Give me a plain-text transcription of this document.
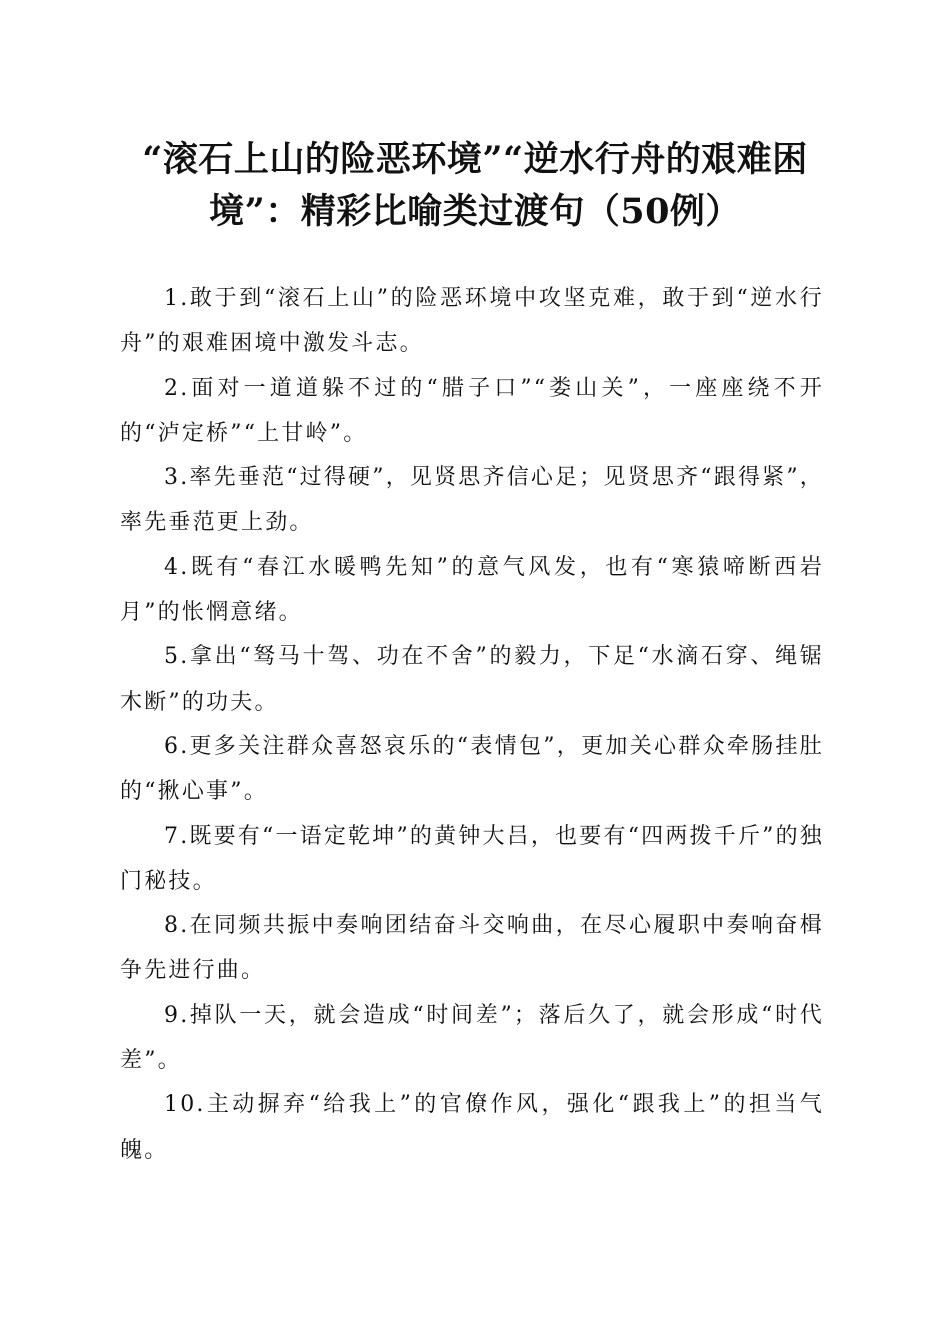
“滚石上山的险恶环境”“逆水行舟的艰难困
境”：精彩比喻类过渡句（50例）

1.敢于到“滚石上山”的险恶环境中攻坚克难，敢于到“逆水行舟”的艰难困境中激发斗志。

2.面对一道道躲不过的“腊子口”“娄山关”，一座座绕不开的“泸定桥”“上甘岭”。

3.率先垂范“过得硬”，见贤思齐信心足；见贤思齐“跟得紧”，率先垂范更上劲。

4.既有“春江水暖鸭先知”的意气风发，也有“寒猿啼断西岩月”的怅惘意绪。

5.拿出“驽马十驾、功在不舍”的毅力，下足“水滴石穿、绳锯木断”的功夫。

6.更多关注群众喜怒哀乐的“表情包”，更加关心群众牵肠挂肚的“揪心事”。

7.既要有“一语定乾坤”的黄钟大吕，也要有“四两拨千斤”的独门秘技。

8.在同频共振中奏响团结奋斗交响曲，在尽心履职中奏响奋楫争先进行曲。

9.掉队一天，就会造成“时间差”；落后久了，就会形成“时代差”。

10.主动摒弃“给我上”的官僚作风，强化“跟我上”的担当气魄。
